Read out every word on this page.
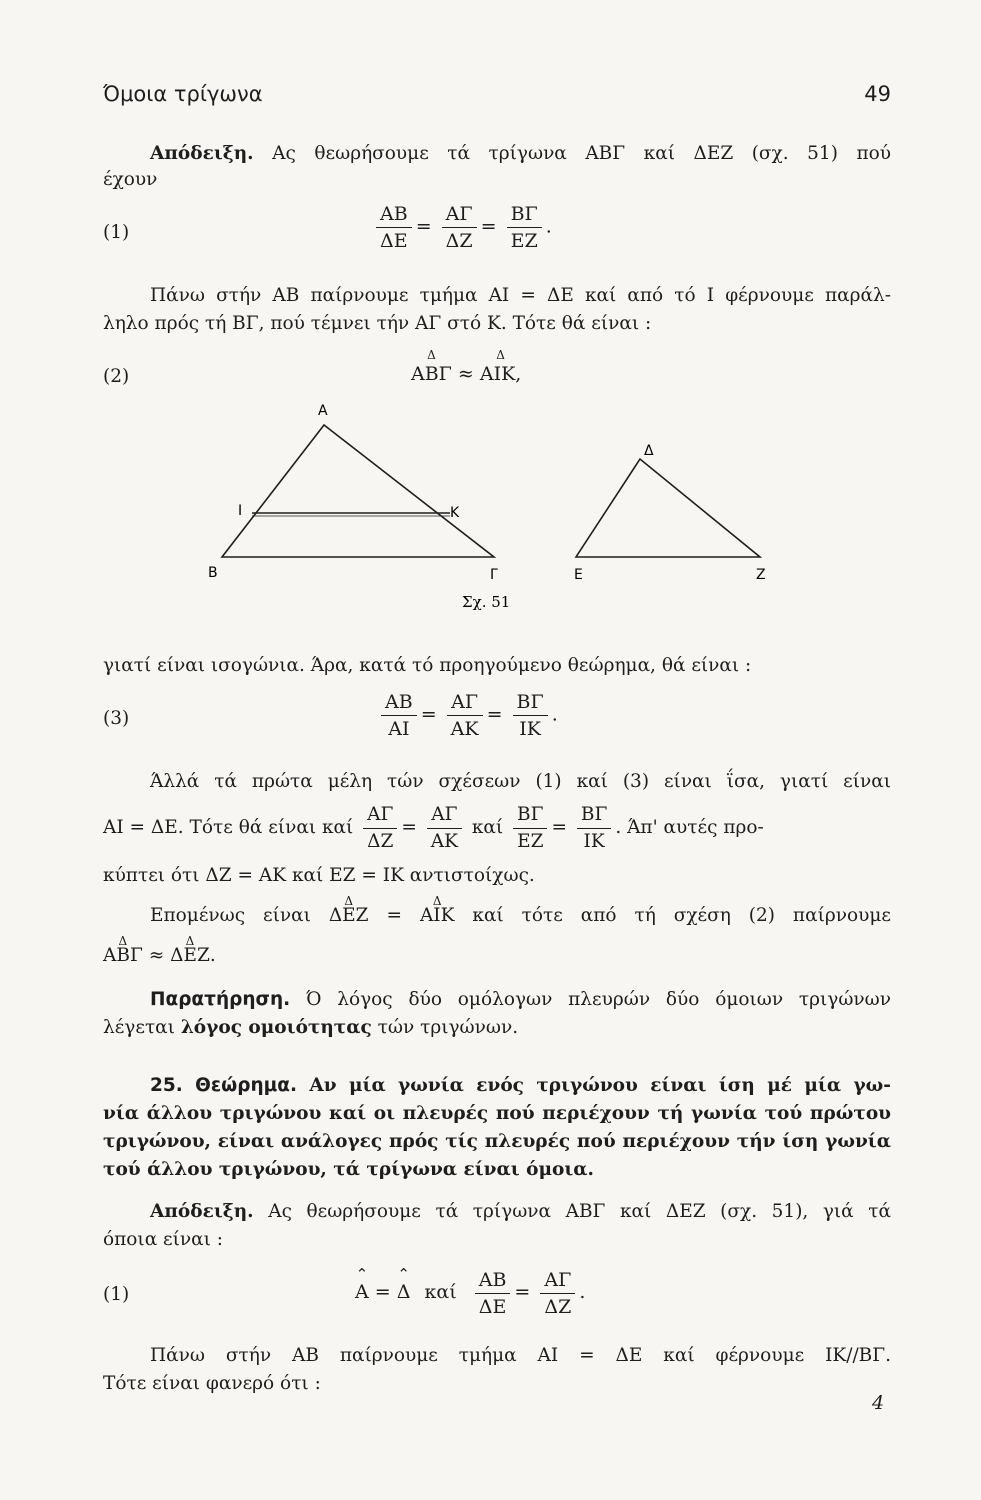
Όμοια τρίγωνα	49
Απόδειξη. Ας θεωρήσουμε τά τρίγωνα ΑΒΓ καί ΔΕΖ (σχ. 51) πού
έχουν
(1)	$\frac{AB}{\Delta E} = \frac{A\Gamma}{\Delta Z} = \frac{B\Gamma}{EZ}$ .
Πάνω στήν ΑΒ παίρνουμε τμήμα ΑΙ = ΔΕ καί από τό Ι φέρνουμε παράλ-
ληλο πρός τή ΒΓ, πού τέμνει τήν ΑΓ στό Κ. Τότε θά είναι :
(2)
Δ
ΑΒΓ ≈
Δ
ΑΙΚ,
Α
Ι	Κ
Β	Γ
Δ
Ε	Ζ
Σχ. 51
γιατί είναι ισογώνια. Άρα, κατά τό προηγούμενο θεώρημα, θά είναι :
(3)	$\frac{AB}{AI} = \frac{A\Gamma}{AK} = \frac{B\Gamma}{IK}$ .
Άλλά τά πρώτα μέλη τών σχέσεων (1) καί (3) είναι ΐσα, γιατί είναι
ΑΙ = ΔΕ. Τότε θά είναι καί $\frac{A\Gamma}{\Delta Z} = \frac{A\Gamma}{AK}$ καί $\frac{B\Gamma}{EZ} = \frac{B\Gamma}{IK}$ . Άπ' αυτές προ-
κύπτει ότι ΔΖ = ΑΚ καί ΕΖ = ΙΚ αντιστοίχως.
Επομένως είναι
Δ
ΔΕΖ =
Δ
ΑΙΚ καί τότε από τή σχέση (2) παίρνουμε
Δ
ΑΒΓ ≈
Δ
ΔΕΖ.
Παρατήρηση. Ό λόγος δύο ομόλογων πλευρών δύο όμοιων τριγώνων
λέγεται λόγος ομοιότητας τών τριγώνων.
25. Θεώρημα. Αν μία γωνία ενός τριγώνου είναι ίση μέ μία γω-
νία άλλου τριγώνου καί οι πλευρές πού περιέχουν τή γωνία τού πρώτου
τριγώνου, είναι ανάλογες πρός τίς πλευρές πού περιέχουν τήν ίση γωνία
τού άλλου τριγώνου, τά τρίγωνα είναι όμοια.
Απόδειξη. Ας θεωρήσουμε τά τρίγωνα ΑΒΓ καί ΔΕΖ (σχ. 51), γιά τά
όποια είναι :
(1)
⌃
Α =
⌃
Δ καί $\frac{AB}{\Delta E} = \frac{A\Gamma}{\Delta Z}$ .
Πάνω στήν ΑΒ παίρνουμε τμήμα ΑΙ = ΔΕ καί φέρνουμε ΙΚ//ΒΓ.
Τότε είναι φανερό ότι :
4
